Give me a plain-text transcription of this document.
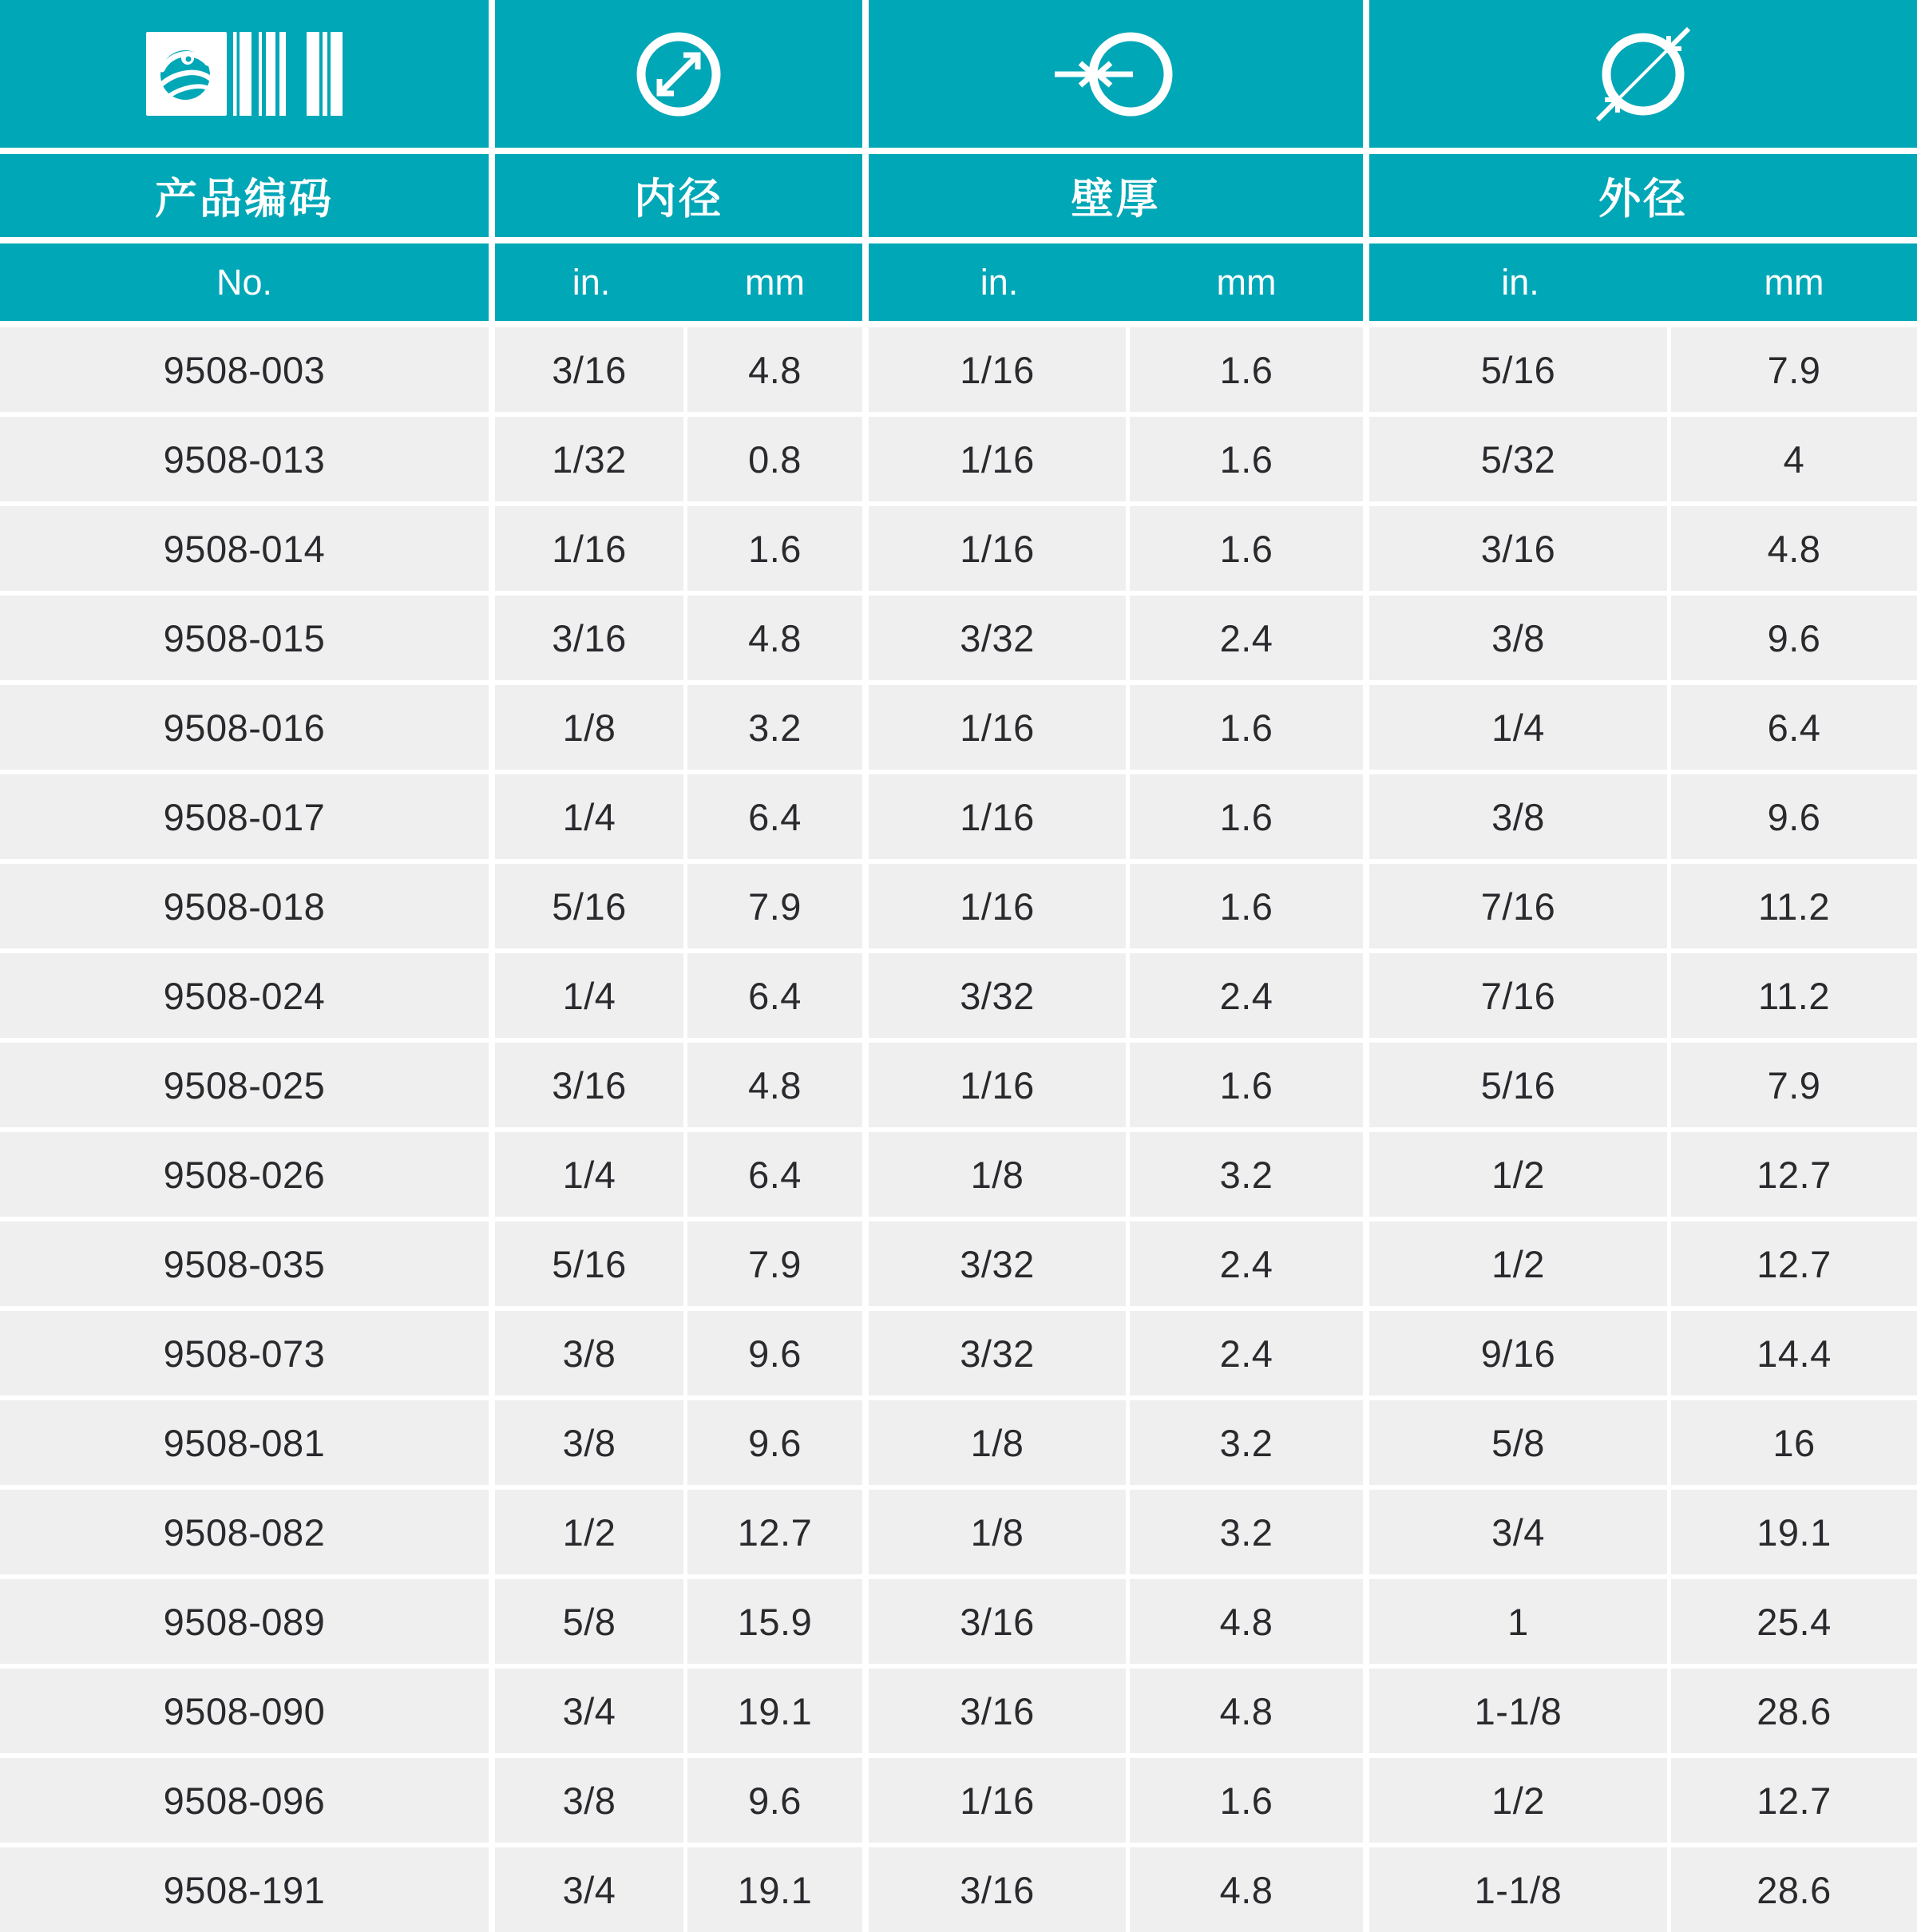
产品编码	内径	壁厚	外径
No.	in.	mm	in.	mm	in.	mm
9508-003	3/16	4.8	1/16	1.6	5/16	7.9
9508-013	1/32	0.8	1/16	1.6	5/32	4
9508-014	1/16	1.6	1/16	1.6	3/16	4.8
9508-015	3/16	4.8	3/32	2.4	3/8	9.6
9508-016	1/8	3.2	1/16	1.6	1/4	6.4
9508-017	1/4	6.4	1/16	1.6	3/8	9.6
9508-018	5/16	7.9	1/16	1.6	7/16	11.2
9508-024	1/4	6.4	3/32	2.4	7/16	11.2
9508-025	3/16	4.8	1/16	1.6	5/16	7.9
9508-026	1/4	6.4	1/8	3.2	1/2	12.7
9508-035	5/16	7.9	3/32	2.4	1/2	12.7
9508-073	3/8	9.6	3/32	2.4	9/16	14.4
9508-081	3/8	9.6	1/8	3.2	5/8	16
9508-082	1/2	12.7	1/8	3.2	3/4	19.1
9508-089	5/8	15.9	3/16	4.8	1	25.4
9508-090	3/4	19.1	3/16	4.8	1-1/8	28.6
9508-096	3/8	9.6	1/16	1.6	1/2	12.7
9508-191	3/4	19.1	3/16	4.8	1-1/8	28.6
